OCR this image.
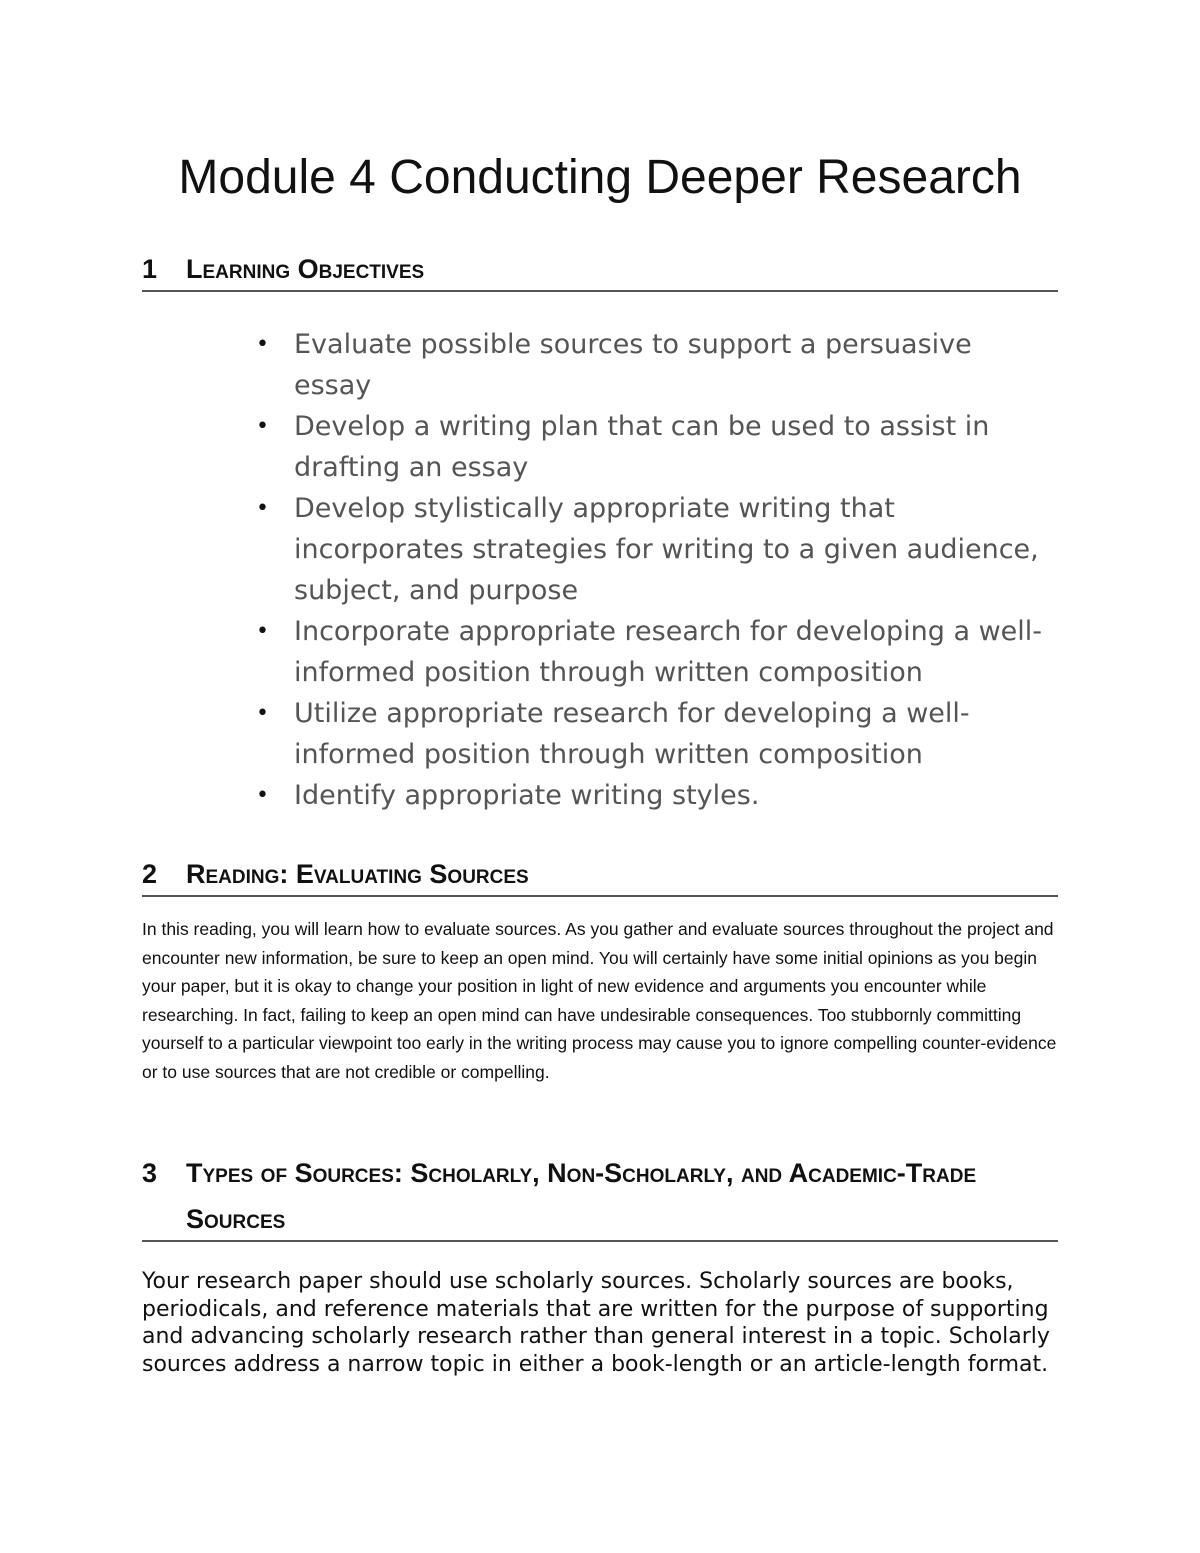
Module 4 Conducting Deeper Research
1 Learning Objectives
• Evaluate possible sources to support a persuasive essay
• Develop a writing plan that can be used to assist in drafting an essay
• Develop stylistically appropriate writing that incorporates strategies for writing to a given audience, subject, and purpose
• Incorporate appropriate research for developing a well-informed position through written composition
• Utilize appropriate research for developing a well-informed position through written composition
• Identify appropriate writing styles.
2 Reading: Evaluating Sources

In this reading, you will learn how to evaluate sources. As you gather and evaluate sources throughout the project and encounter new information, be sure to keep an open mind. You will certainly have some initial opinions as you begin your paper, but it is okay to change your position in light of new evidence and arguments you encounter while researching. In fact, failing to keep an open mind can have undesirable consequences. Too stubbornly committing yourself to a particular viewpoint too early in the writing process may cause you to ignore compelling counter-evidence or to use sources that are not credible or compelling.

3 Types of Sources: Scholarly, Non-Scholarly, and Academic-Trade Sources

Your research paper should use scholarly sources. Scholarly sources are books, periodicals, and reference materials that are written for the purpose of supporting and advancing scholarly research rather than general interest in a topic. Scholarly sources address a narrow topic in either a book-length or an article-length format.
